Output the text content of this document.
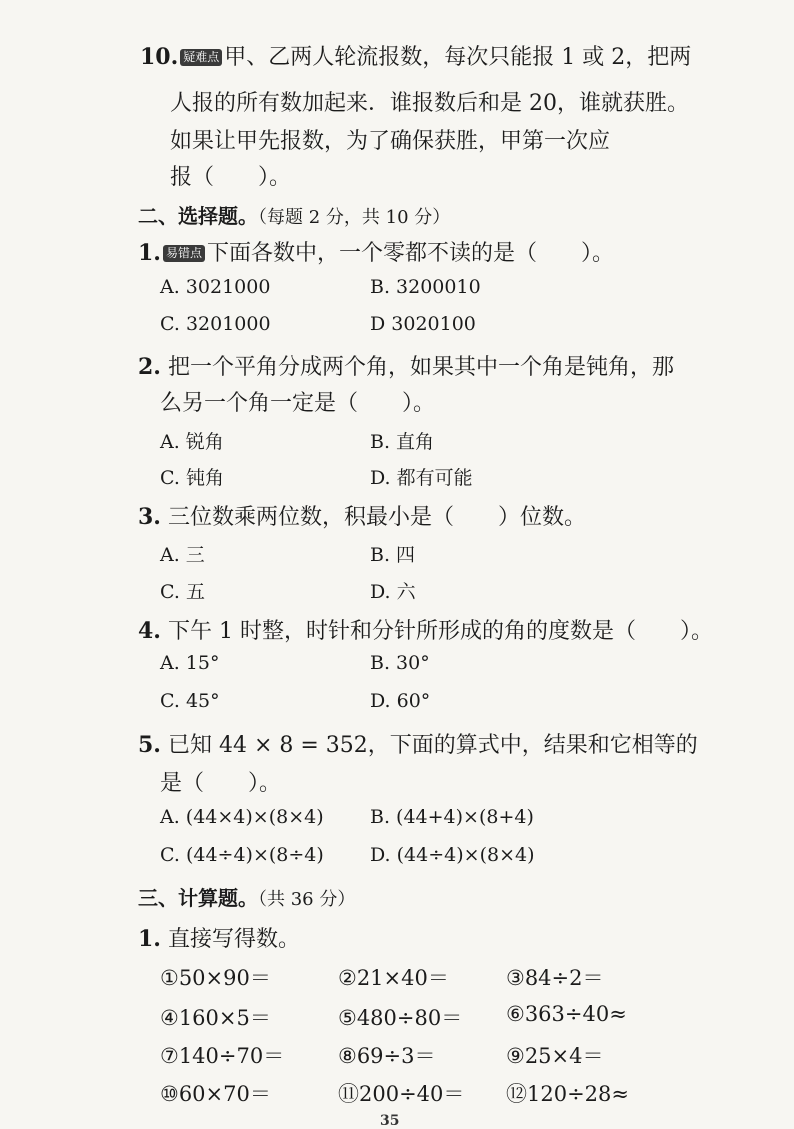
10. 疑难点 甲、乙两人轮流报数，每次只能报 1 或 2，把两
人报的所有数加起来．谁报数后和是 20，谁就获胜。
如果让甲先报数，为了确保获胜，甲第一次应
报（　　）。
二、选择题。（每题 2 分，共 10 分）
1. 易错点 下面各数中，一个零都不读的是（　　）。
A. 3021000	B. 3200010
C. 3201000	D 3020100
2. 把一个平角分成两个角，如果其中一个角是钝角，那
么另一个角一定是（　　）。
A. 锐角	B. 直角
C. 钝角	D. 都有可能
3. 三位数乘两位数，积最小是（　　）位数。
A. 三	B. 四
C. 五	D. 六
4. 下午 1 时整，时针和分针所形成的角的度数是（　　）。
A. 15°	B. 30°
C. 45°	D. 60°
5. 已知 44 × 8 = 352，下面的算式中，结果和它相等的
是（　　）。
A. (44×4)×(8×4) B. (44+4)×(8+4)
C. (44÷4)×(8÷4) D. (44÷4)×(8×4)
三、计算题。（共 36 分）
1. 直接写得数。
①50×90＝	②21×40＝	③84÷2＝
④160×5＝	⑤480÷80＝ ⑥363÷40≈
⑦140÷70＝	⑧69÷3＝	⑨25×4＝
⑩60×70＝	⑪200÷40＝ ⑫120÷28≈
35
